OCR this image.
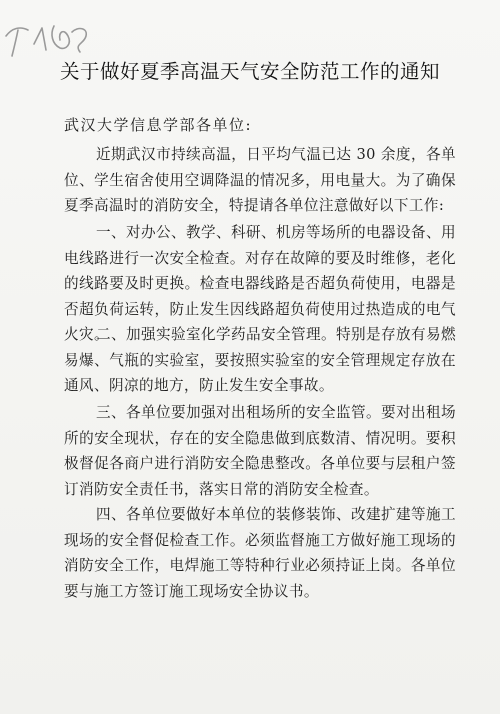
关于做好夏季高温天气安全防范工作的通知
武汉大学信息学部各单位:

近期武汉市持续高温，日平均气温已达 30 余度，各单位、学生宿舍使用空调降温的情况多，用电量大。为了确保夏季高温时的消防安全，特提请各单位注意做好以下工作:

一、对办公、教学、科研、机房等场所的电器设备、用电线路进行一次安全检查。对存在故障的要及时维修，老化的线路要及时更换。检查电器线路是否超负荷使用，电器是否超负荷运转，防止发生因线路超负荷使用过热造成的电气火灾。

二、加强实验室化学药品安全管理。特别是存放有易燃易爆、气瓶的实验室，要按照实验室的安全管理规定存放在通风、阴凉的地方，防止发生安全事故。

三、各单位要加强对出租场所的安全监管。要对出租场所的安全现状，存在的安全隐患做到底数清、情况明。要积极督促各商户进行消防安全隐患整改。各单位要与层租户签订消防安全责任书，落实日常的消防安全检查。

四、各单位要做好本单位的装修装饰、改建扩建等施工现场的安全督促检查工作。必须监督施工方做好施工现场的消防安全工作，电焊施工等特种行业必须持证上岗。各单位要与施工方签订施工现场安全协议书。
